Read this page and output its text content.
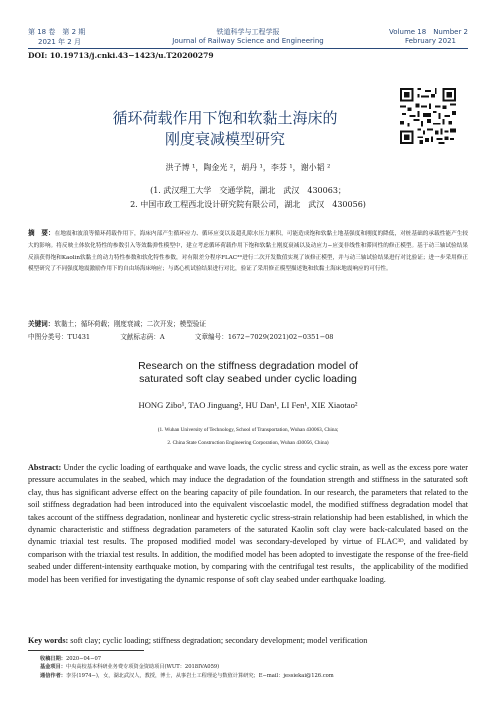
第 18 卷　第 2 期
2021 年 2 月
铁道科学与工程学报
Journal of Railway Science and Engineering
Volume 18　Number 2
February 2021
DOI: 10.19713/j.cnki.43−1423/u.T20200279
循环荷载作用下饱和软黏土海床的
刚度衰减模型研究
洪子博 ¹，陶金光 ²，胡丹 ¹，李芬 ¹，谢小韬 ²
(1. 武汉理工大学　交通学院，湖北　武汉　430063；
2. 中国市政工程西北设计研究院有限公司，湖北　武汉　430056)
摘　要：在地震和波浪等循环荷载作用下，海床内部产生循环应力、循环应变以及超孔隙水压力累积，可能造成饱和软黏土地基强度和刚度的降低，对桩基础的承载性能产生较大的影响。将反映土体软化特性的参数引入等效黏弹性模型中，建立考虑循环荷载作用下饱和软黏土刚度衰减以及动应力−应变非线性和滞回性的修正模型。基于动三轴试验结果反演获得饱和Kaolin软黏土的动力特性参数和软化特性参数，对有限差分程序FLAC³ᴰ进行二次开发数值实现了该修正模型，并与动三轴试验结果进行对比验证；进一步采用修正模型研究了不同强度地震激励作用下的自由场海床响应；与离心机试验结果进行对比，验证了采用修正模型描述饱和软黏土海床地震响应的可行性。
关键词：软黏土；循环荷载；刚度衰减；二次开发；模型验证
中图分类号：TU431	文献标志码：A	文章编号：1672−7029(2021)02−0351−08
Research on the stiffness degradation model of
saturated soft clay seabed under cyclic loading
HONG Zibo¹, TAO Jinguang², HU Dan¹, LI Fen¹, XIE Xiaotao²
(1. Wuhan University of Technology, School of Transportation, Wuhan 430063, China;
2. China State Construction Engineering Corporation, Wuhan 430056, China)
Abstract: Under the cyclic loading of earthquake and wave loads, the cyclic stress and cyclic strain, as well as the excess pore water pressure accumulates in the seabed, which may induce the degradation of the foundation strength and stiffness in the saturated soft clay, thus has significant adverse effect on the bearing capacity of pile foundation. In our research, the parameters that related to the soil stiffness degradation had been introduced into the equivalent viscoelastic model, the modified stiffness degradation model that takes account of the stiffness degradation, nonlinear and hysteretic cyclic stress-strain relationship had been established, in which the dynamic characteristic and stiffness degradation parameters of the saturated Kaolin soft clay were back-calculated based on the dynamic triaxial test results. The proposed modified model was secondary-developed by virtue of FLAC³ᴰ, and validated by comparison with the triaxial test results. In addition, the modified model has been adopted to investigate the response of the free-field seabed under different-intensity earthquake motion, by comparing with the centrifugal test results，the applicability of the modified model has been verified for investigating the dynamic response of soft clay seabed under earthquake loading.
Key words: soft clay; cyclic loading; stiffness degradation; secondary development; model verification
收稿日期：2020−04−07
基金项目：中央高校基本科研业务费专项资金资助项目(WUT：2018IVA059)
通信作者：李芬(1974−)，女，湖北武汉人，教授，博士，从事岩土工程理论与数值计算研究；E−mail：jessiekai@126.com
